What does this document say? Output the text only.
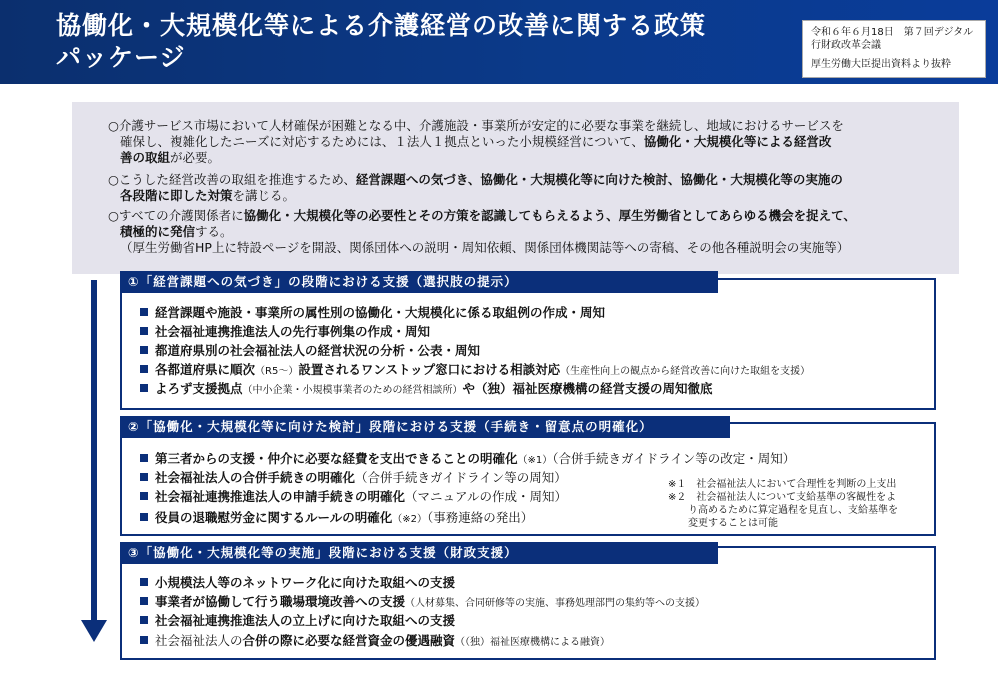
協働化・大規模化等による介護経営の改善に関する政策
パッケージ
令和６年６月18日　第７回デジタル
行財政改革会議
厚生労働大臣提出資料より抜粋

○介護サービス市場において人材確保が困難となる中、介護施設・事業所が安定的に必要な事業を継続し、地域におけるサービスを
確保し、複雑化したニーズに対応するためには、１法人１拠点といった小規模経営について、協働化・大規模化等による経営改
善の取組が必要。

○こうした経営改善の取組を推進するため、経営課題への気づき、協働化・大規模化等に向けた検討、協働化・大規模化等の実施の
各段階に即した対策を講じる。

○すべての介護関係者に協働化・大規模化等の必要性とその方策を認識してもらえるよう、厚生労働省としてあらゆる機会を捉えて、
積極的に発信する。
（厚生労働省HP上に特設ページを開設、関係団体への説明・周知依頼、関係団体機関誌等への寄稿、その他各種説明会の実施等）

経営課題や施設・事業所の属性別の協働化・大規模化に係る取組例の作成・周知
社会福祉連携推進法人の先行事例集の作成・周知
都道府県別の社会福祉法人の経営状況の分析・公表・周知
各都道府県に順次（R5～）設置されるワンストップ窓口における相談対応（生産性向上の観点から経営改善に向けた取組を支援）
よろず支援拠点（中小企業・小規模事業者のための経営相談所）や（独）福祉医療機構の経営支援の周知徹底
①「経営課題への気づき」の段階における支援（選択肢の提示）
第三者からの支援・仲介に必要な経費を支出できることの明確化（※1）（合併手続きガイドライン等の改定・周知）
社会福祉法人の合併手続きの明確化（合併手続きガイドライン等の周知）
社会福祉連携推進法人の申請手続きの明確化（マニュアルの作成・周知）
役員の退職慰労金に関するルールの明確化（※2）（事務連絡の発出）
②「協働化・大規模化等に向けた検討」段階における支援（手続き・留意点の明確化）
※１　社会福祉法人において合理性を判断の上支出
※２　社会福祉法人について支給基準の客観性をよ
り高めるために算定過程を見直し、支給基準を
変更することは可能
小規模法人等のネットワーク化に向けた取組への支援
事業者が協働して行う職場環境改善への支援（人材募集、合同研修等の実施、事務処理部門の集約等への支援）
社会福祉連携推進法人の立上げに向けた取組への支援
社会福祉法人の合併の際に必要な経営資金の優遇融資（（独）福祉医療機構による融資）
③「協働化・大規模化等の実施」段階における支援（財政支援）
